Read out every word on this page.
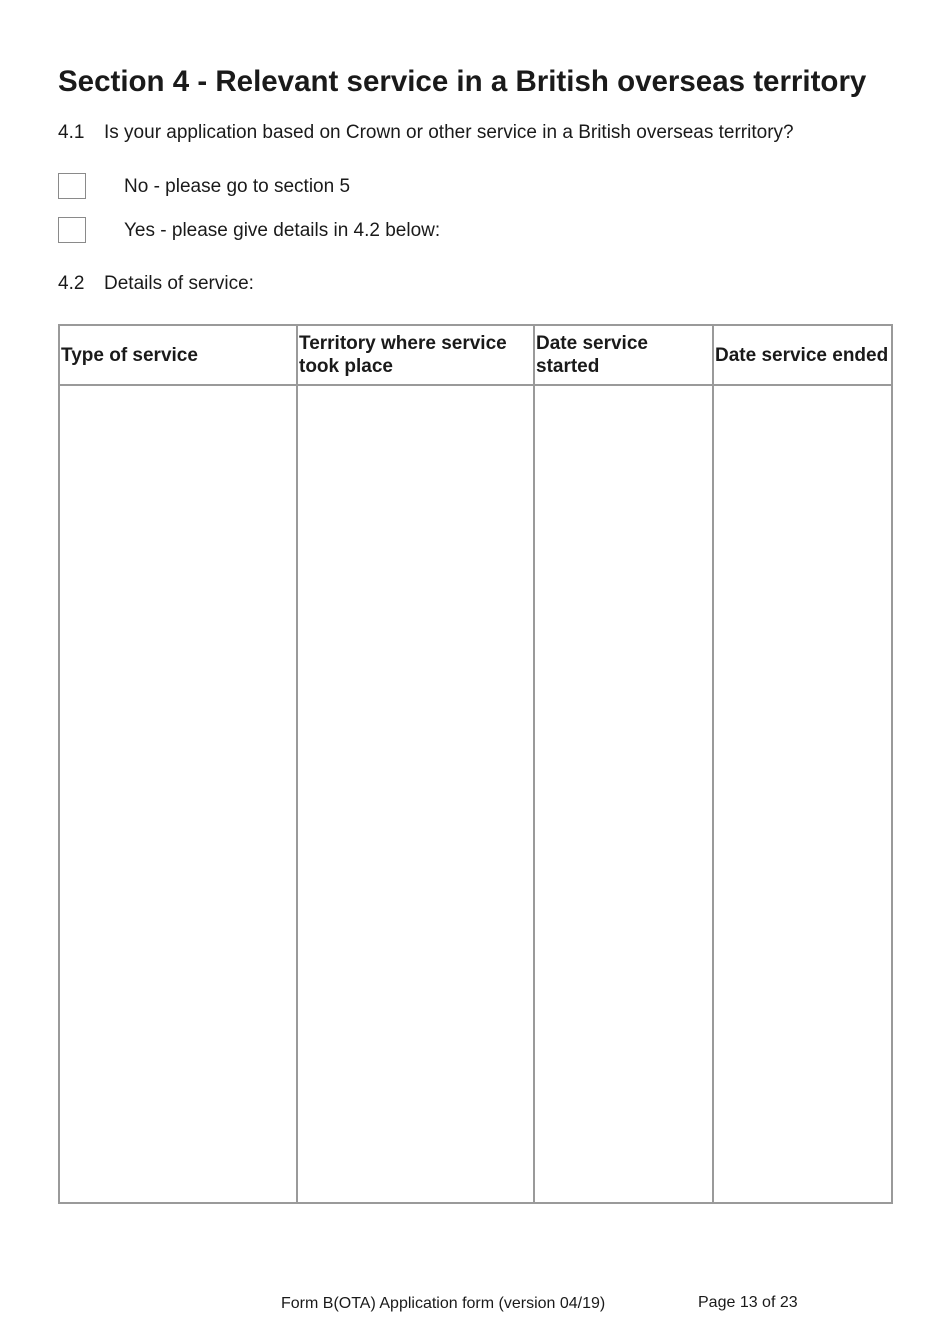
Section 4 - Relevant service in a British overseas territory
4.1 Is your application based on Crown or other service in a British overseas territory?
No - please go to section 5
Yes - please give details in 4.2 below:
4.2 Details of service:
Type of service	Territory where service took place	Date service started	Date service ended

Form B(OTA) Application form (version 04/19)	Page 13 of 23
